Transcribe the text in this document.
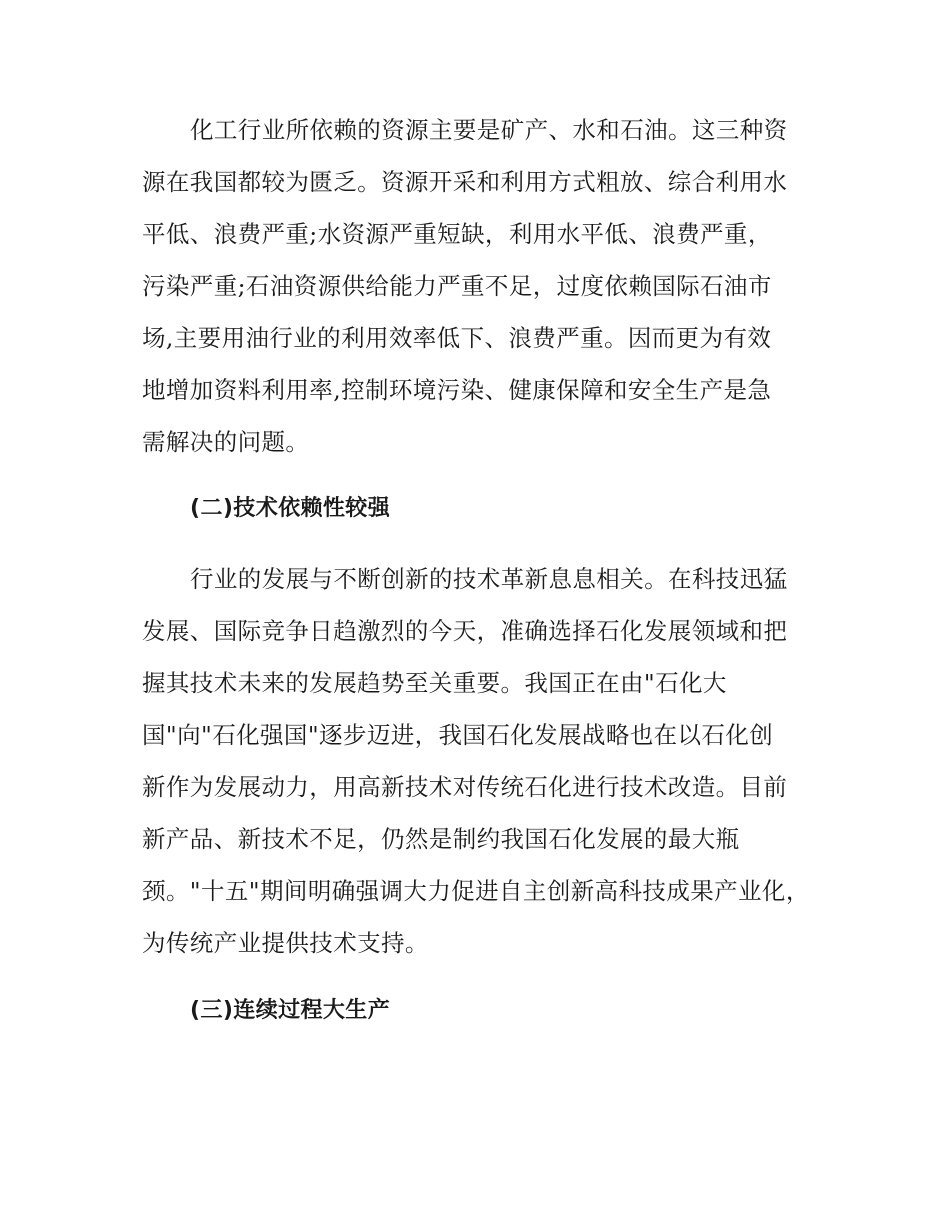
化工行业所依赖的资源主要是矿产、水和石油。这三种资
源在我国都较为匮乏。资源开采和利用方式粗放、综合利用水
平低、浪费严重;水资源严重短缺，利用水平低、浪费严重，
污染严重;石油资源供给能力严重不足，过度依赖国际石油市
场,主要用油行业的利用效率低下、浪费严重。因而更为有效
地增加资料利用率,控制环境污染、健康保障和安全生产是急
需解决的问题。
(二)技术依赖性较强
行业的发展与不断创新的技术革新息息相关。在科技迅猛
发展、国际竞争日趋激烈的今天，准确选择石化发展领域和把
握其技术未来的发展趋势至关重要。我国正在由"石化大
国"向"石化强国"逐步迈进，我国石化发展战略也在以石化创
新作为发展动力，用高新技术对传统石化进行技术改造。目前
新产品、新技术不足，仍然是制约我国石化发展的最大瓶
颈。"十五"期间明确强调大力促进自主创新高科技成果产业化，
为传统产业提供技术支持。
(三)连续过程大生产
